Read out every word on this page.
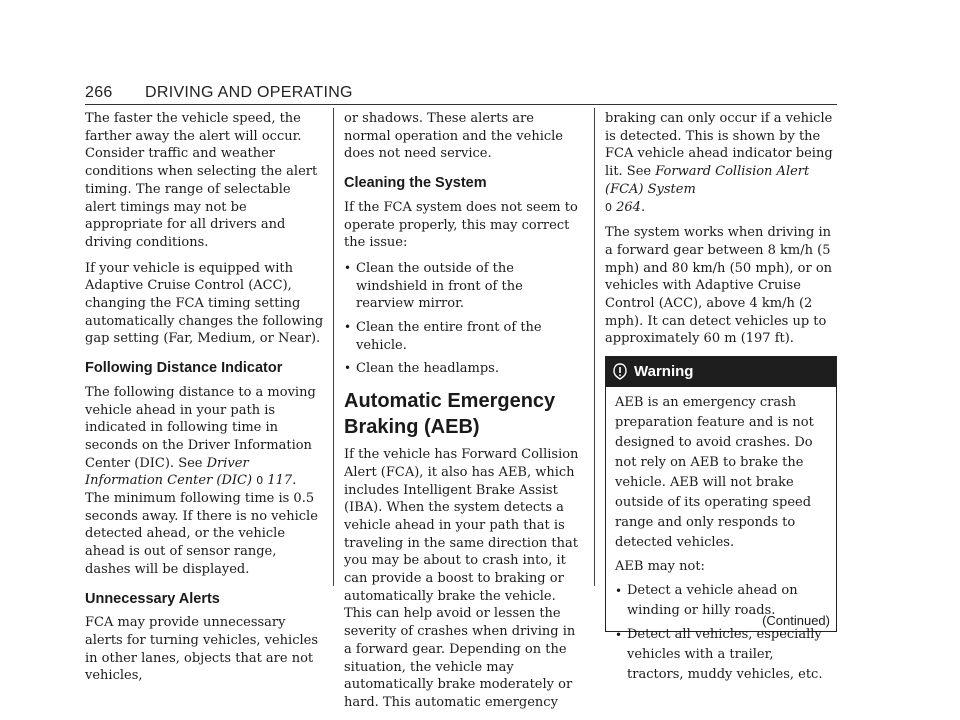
266 DRIVING AND OPERATING

The faster the vehicle speed, the farther away the alert will occur. Consider traffic and weather conditions when selecting the alert timing. The range of selectable alert timings may not be appropriate for all drivers and driving conditions.

If your vehicle is equipped with Adaptive Cruise Control (ACC), changing the FCA timing setting automatically changes the following gap setting (Far, Medium, or Near).

Following Distance Indicator

The following distance to a moving vehicle ahead in your path is indicated in following time in seconds on the Driver Information Center (DIC). See Driver Information Center (DIC) 0 117. The minimum following time is 0.5 seconds away. If there is no vehicle detected ahead, or the vehicle ahead is out of sensor range, dashes will be displayed.

Unnecessary Alerts

FCA may provide unnecessary alerts for turning vehicles, vehicles in other lanes, objects that are not vehicles,

or shadows. These alerts are normal operation and the vehicle does not need service.

Cleaning the System

If the FCA system does not seem to operate properly, this may correct the issue:

• Clean the outside of the windshield in front of the rearview mirror.
• Clean the entire front of the vehicle.
• Clean the headlamps.
Automatic Emergency Braking (AEB)

If the vehicle has Forward Collision Alert (FCA), it also has AEB, which includes Intelligent Brake Assist (IBA). When the system detects a vehicle ahead in your path that is traveling in the same direction that you may be about to crash into, it can provide a boost to braking or automatically brake the vehicle. This can help avoid or lessen the severity of crashes when driving in a forward gear. Depending on the situation, the vehicle may automatically brake moderately or hard. This automatic emergency

braking can only occur if a vehicle is detected. This is shown by the FCA vehicle ahead indicator being lit. See Forward Collision Alert (FCA) System
0 264.

The system works when driving in a forward gear between 8 km/h (5 mph) and 80 km/h (50 mph), or on vehicles with Adaptive Cruise Control (ACC), above 4 km/h (2 mph). It can detect vehicles up to approximately 60 m (197 ft).

Warning

AEB is an emergency crash preparation feature and is not designed to avoid crashes. Do not rely on AEB to brake the vehicle. AEB will not brake outside of its operating speed range and only responds to detected vehicles.

AEB may not:

• Detect a vehicle ahead on winding or hilly roads.
• Detect all vehicles, especially vehicles with a trailer, tractors, muddy vehicles, etc.
(Continued)
